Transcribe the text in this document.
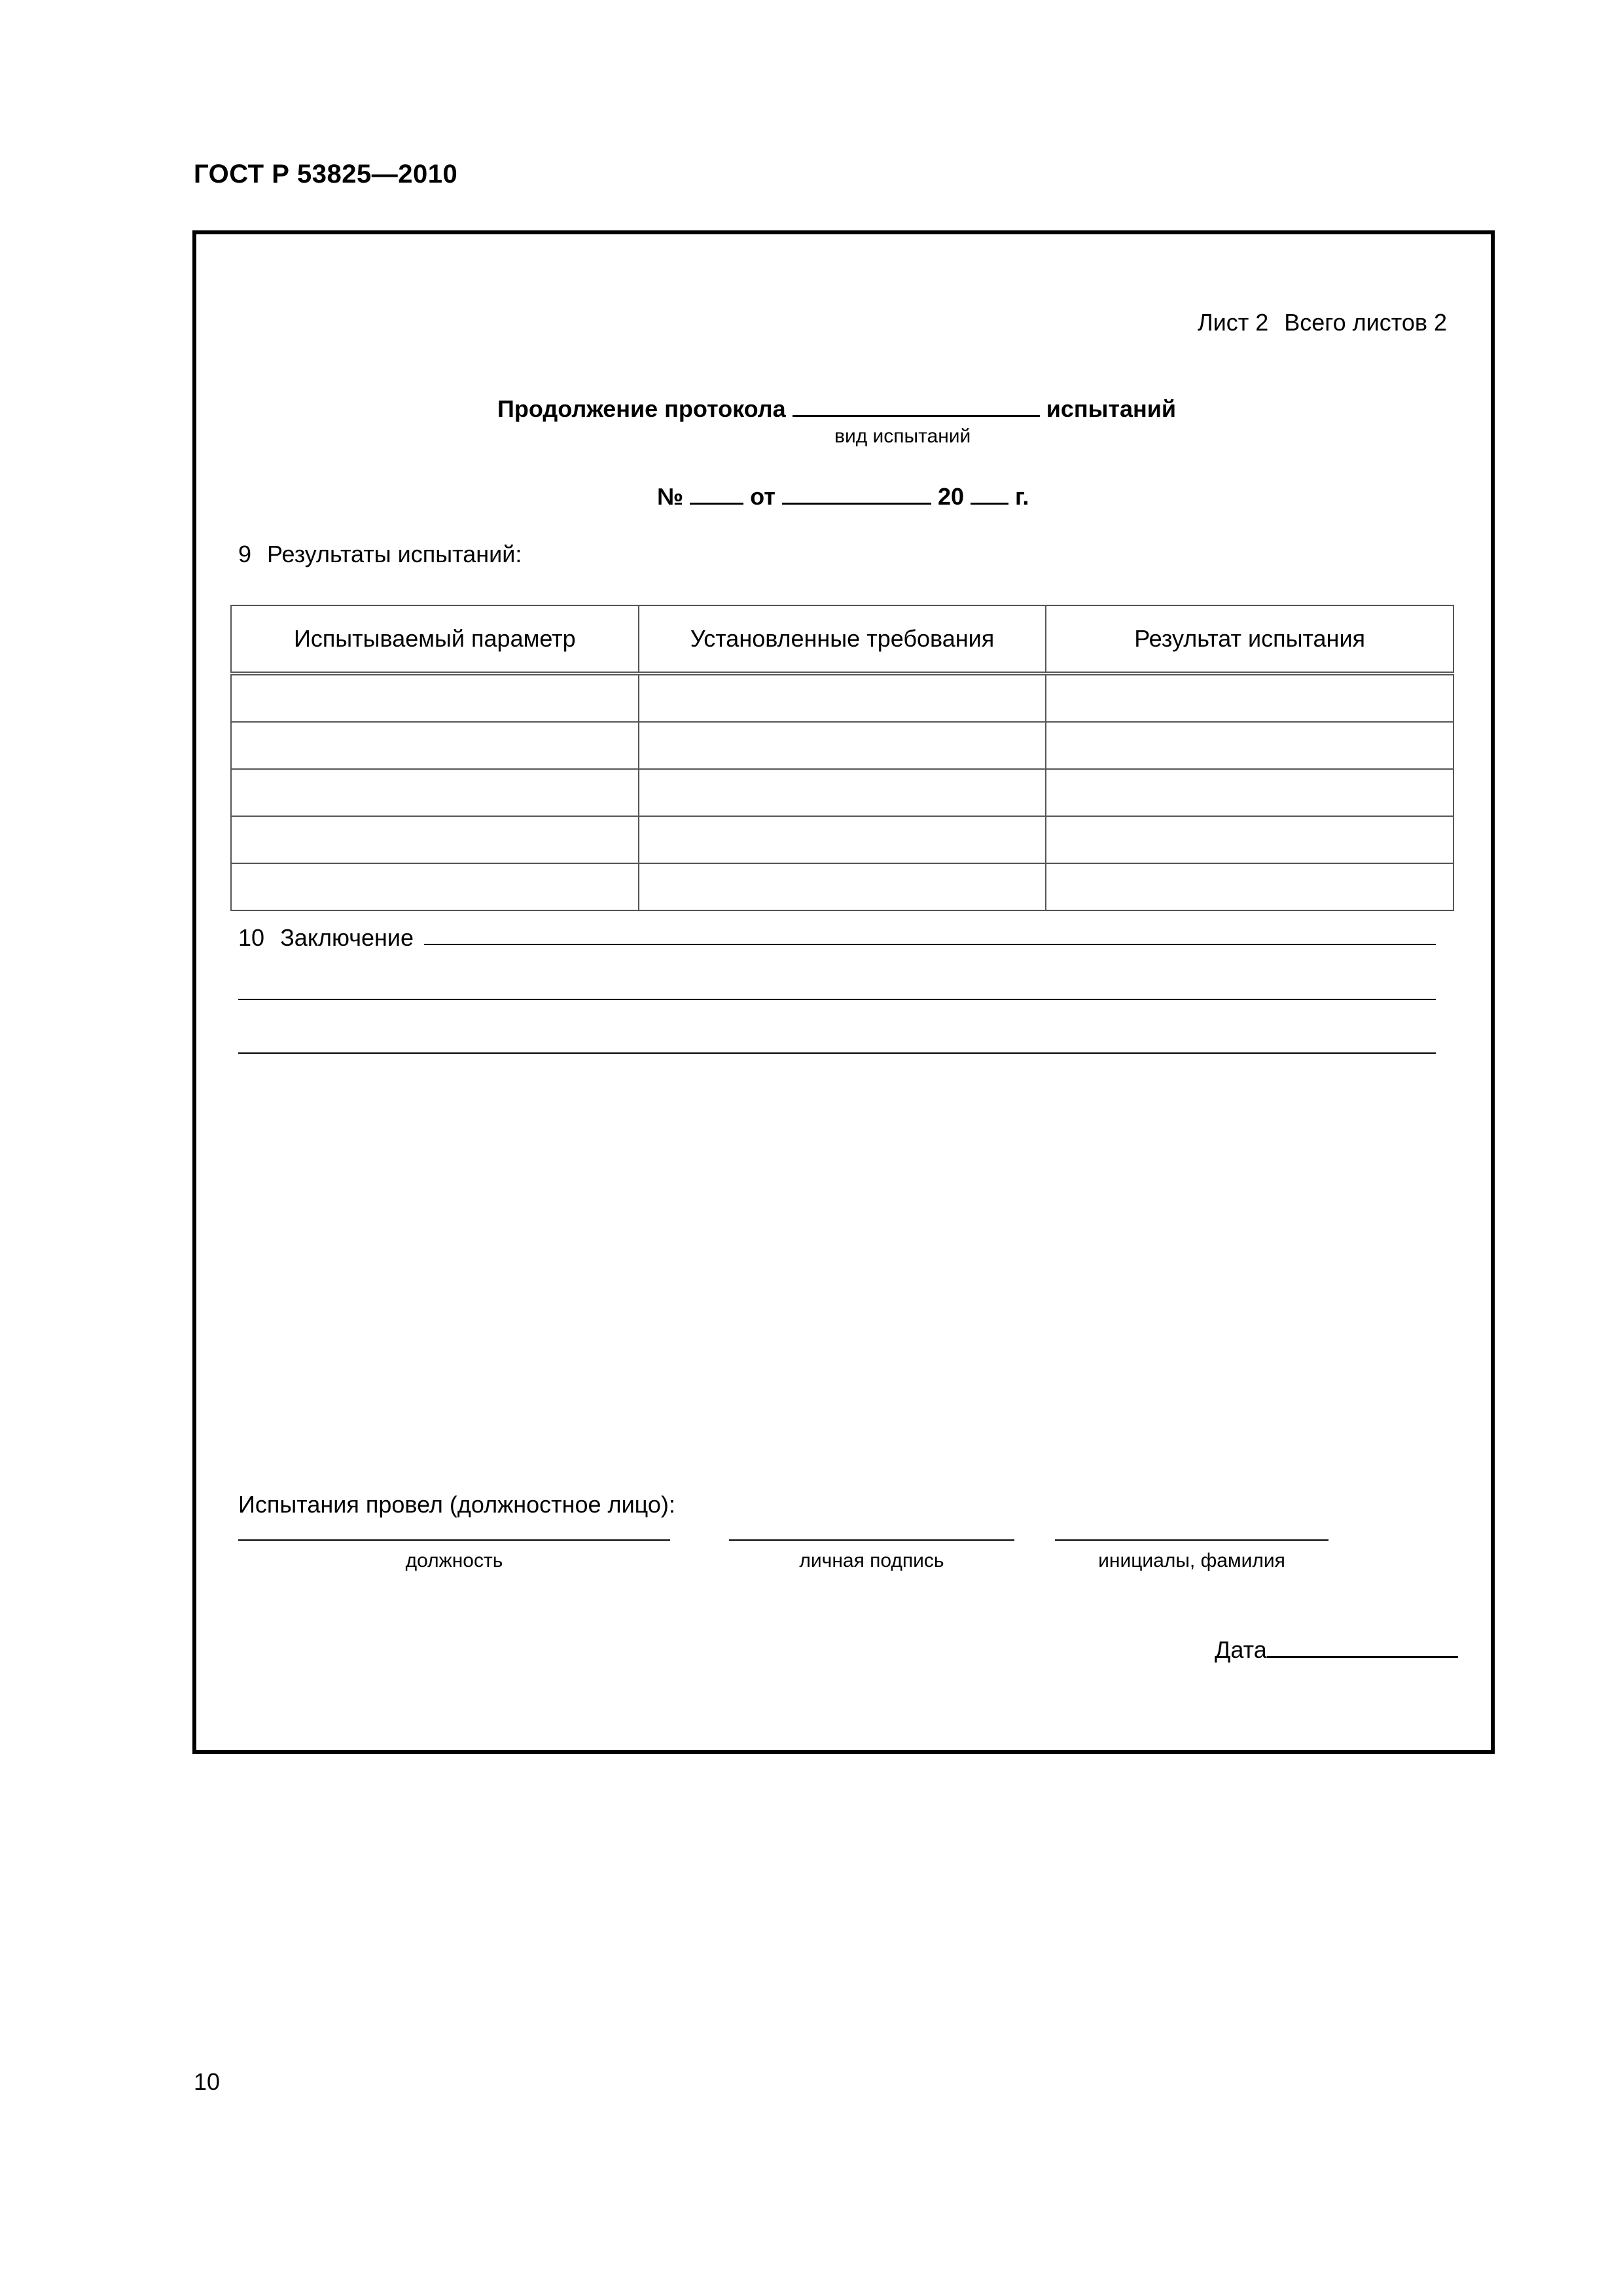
ГОСТ Р 53825—2010
Лист 2 Всего листов 2
Продолжение протокола	испытаний
вид испытаний
№	от	20 г.
9 Результаты испытаний:
Испытываемый параметр	Установленные требования	Результат испытания

10 Заключение
Испытания провел (должностное лицо):
должность	личная подпись	инициалы, фамилия
Дата
10
